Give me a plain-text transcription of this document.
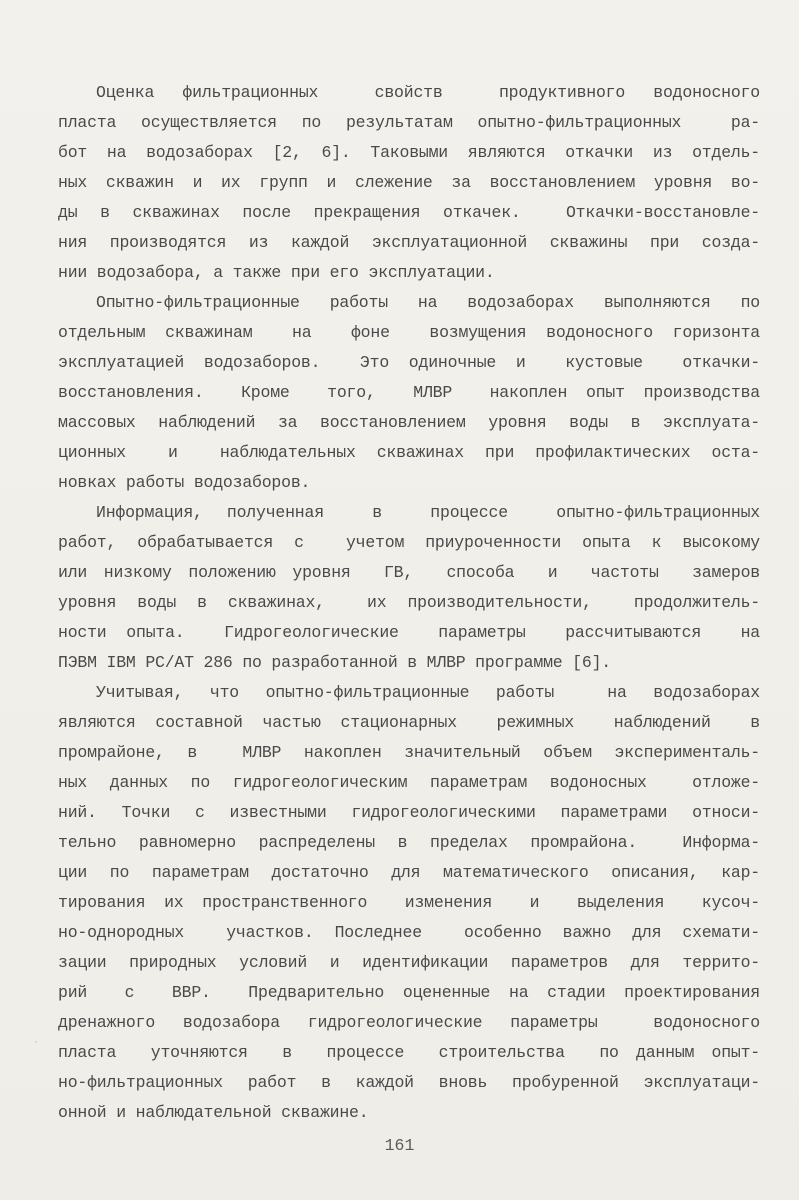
Оценка фильтрационных  свойств  продуктивного водоносного
пласта осуществляется по результатам опытно-фильтрационных  ра-
бот на водозаборах [2, 6]. Таковыми являются откачки из отдель-
ных скважин и их групп и слежение за восстановлением уровня во-
ды в скважинах после прекращения откачек.  Откачки-восстановле-
ния производятся из каждой эксплуатационной скважины при созда-
нии водозабора, а также при его эксплуатации.
Опытно-фильтрационные работы на водозаборах выполняются по
отдельным скважинам  на  фоне  возмущения водоносного горизонта
эксплуатацией водозаборов.  Это одиночные и  кустовые  откачки-
восстановления.  Кроме  того,  МЛВР  накоплен опыт производства
массовых наблюдений за восстановлением уровня воды в эксплуата-
ционных  и  наблюдательных скважинах при профилактических оста-
новках работы водозаборов.
Информация, полученная  в  процессе  опытно-фильтрационных
работ, обрабатывается с  учетом приуроченности опыта к высокому
или низкому положению уровня  ГВ,  способа  и  частоты  замеров
уровня воды в скважинах,  их производительности,  продолжитель-
ности опыта.  Гидрогеологические  параметры  рассчитываются  на
ПЭВМ IBM PC/AT 286 по разработанной в МЛВР программе [6].
Учитывая, что опытно-фильтрационные работы  на водозаборах
являются составной частью стационарных  режимных  наблюдений  в
промрайоне, в  МЛВР накоплен значительный объем эксперименталь-
ных данных по гидрогеологическим параметрам водоносных  отложе-
ний. Точки с известными гидрогеологическими параметрами относи-
тельно равномерно распределены в пределах промрайона.  Информа-
ции по параметрам достаточно для математического описания, кар-
тирования их пространственного  изменения  и  выделения  кусоч-
но-однородных  участков. Последнее  особенно важно для схемати-
зации природных условий и идентификации параметров для террито-
рий  с  ВВР.  Предварительно оцененные на стадии проектирования
дренажного водозабора гидрогеологические параметры  водоносного
пласта  уточняются  в  процессе  строительства  по данным опыт-
но-фильтрационных работ в каждой вновь пробуренной эксплуатаци-
онной и наблюдательной скважине.
161
